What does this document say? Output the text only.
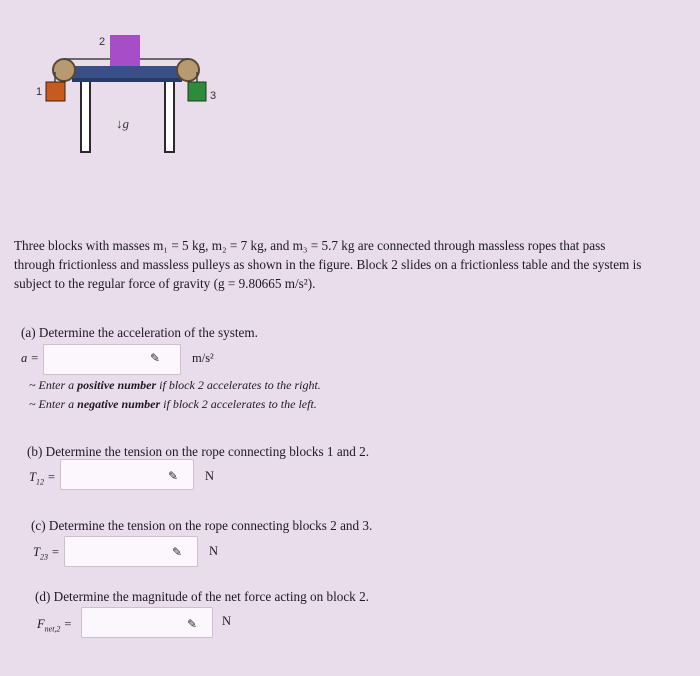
2
1	3
↓g⃗
Three blocks with masses m₁ = 5 kg, m₂ = 7 kg, and m₃ = 5.7 kg are connected through massless ropes that pass
through frictionless and massless pulleys as shown in the figure. Block 2 slides on a frictionless table and the system is
subject to the regular force of gravity (g = 9.80665 m/s²).
(a) Determine the acceleration of the system.
a =	✎	m/s²
~ Enter a positive number if block 2 accelerates to the right.
~ Enter a negative number if block 2 accelerates to the left.
(b) Determine the tension on the rope connecting blocks 1 and 2.
$T_{12}$ =	✎ N
(c) Determine the tension on the rope connecting blocks 2 and 3.
$T_{23}$ =	✎ N
(d) Determine the magnitude of the net force acting on block 2.
$F_{net,2}$ =	✎ N
